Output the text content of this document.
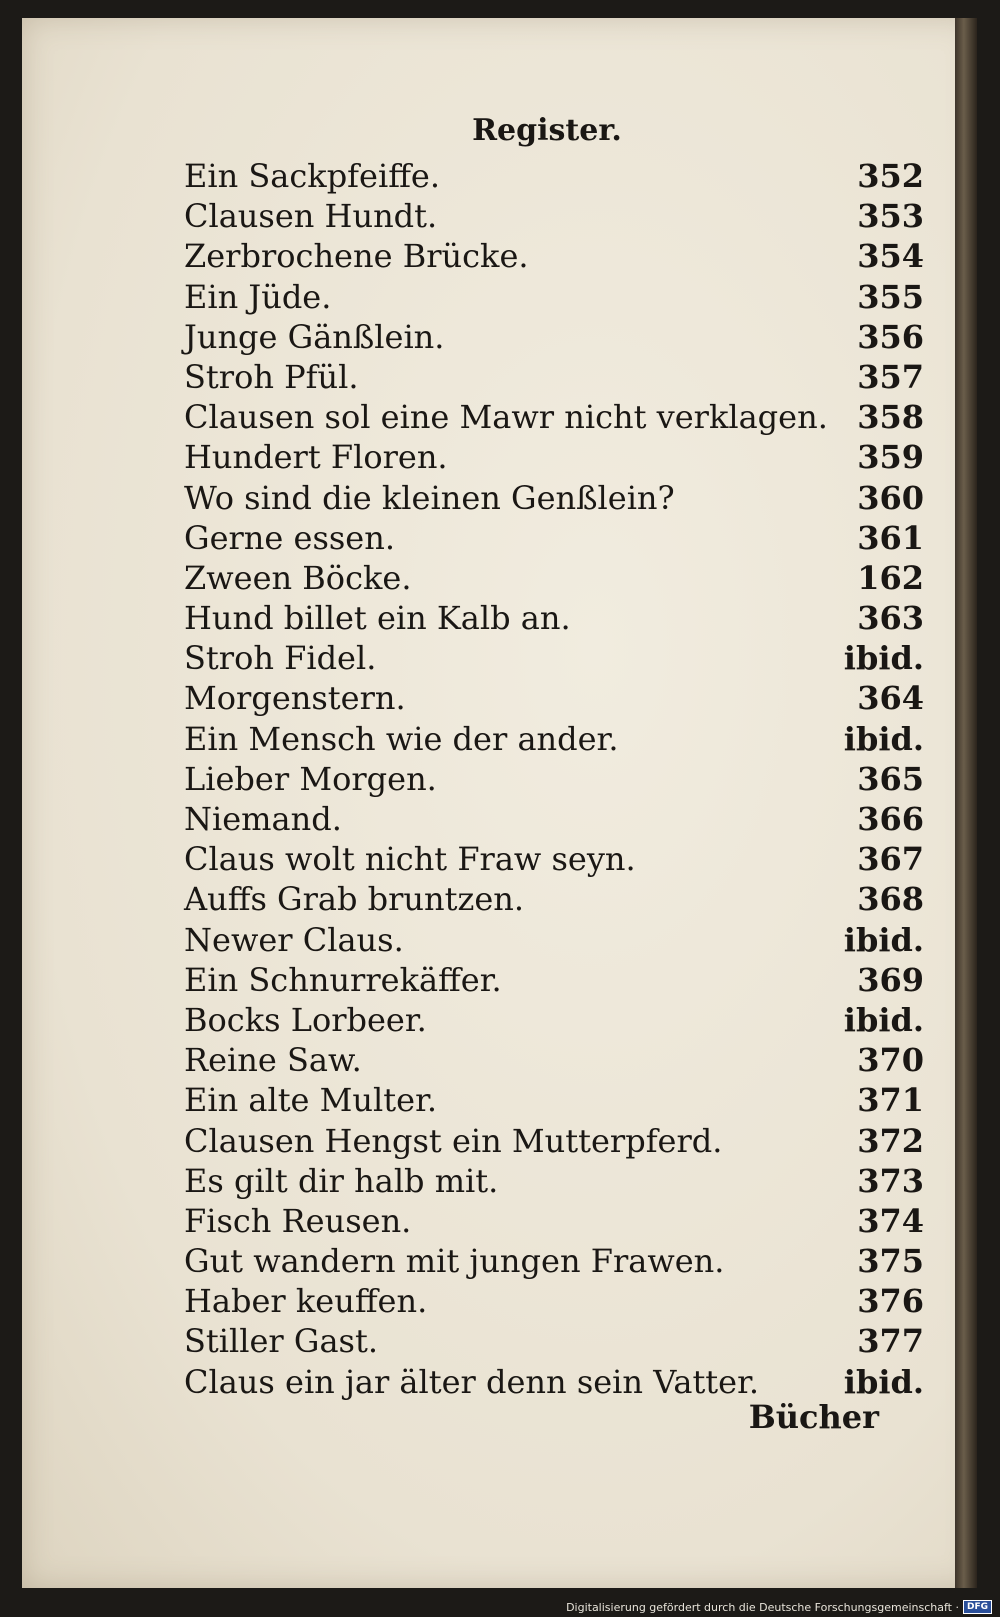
Register.
Ein Sackpfeiffe.	352
Clausen Hundt.	353
Zerbrochene Brücke.	354
Ein Jüde.	355
Junge Gänßlein.	356
Stroh Pfül.	357
Clausen sol eine Mawr nicht verklagen. 358
Hundert Floren.	359
Wo sind die kleinen Genßlein?	360
Gerne essen.	361
Zween Böcke.	162
Hund billet ein Kalb an.	363
Stroh Fidel.	ibid.
Morgenstern.	364
Ein Mensch wie der ander.	ibid.
Lieber Morgen.	365
Niemand.	366
Claus wolt nicht Fraw seyn.	367
Auffs Grab bruntzen.	368
Newer Claus.	ibid.
Ein Schnurrekäffer.	369
Bocks Lorbeer.	ibid.
Reine Saw.	370
Ein alte Multer.	371
Clausen Hengst ein Mutterpferd.	372
Es gilt dir halb mit.	373
Fisch Reusen.	374
Gut wandern mit jungen Frawen.	375
Haber keuffen.	376
Stiller Gast.	377
Claus ein jar älter denn sein Vatter.	ibid.
Bücher
Digitalisierung gefördert durch die Deutsche Forschungsgemeinschaft · DFG
